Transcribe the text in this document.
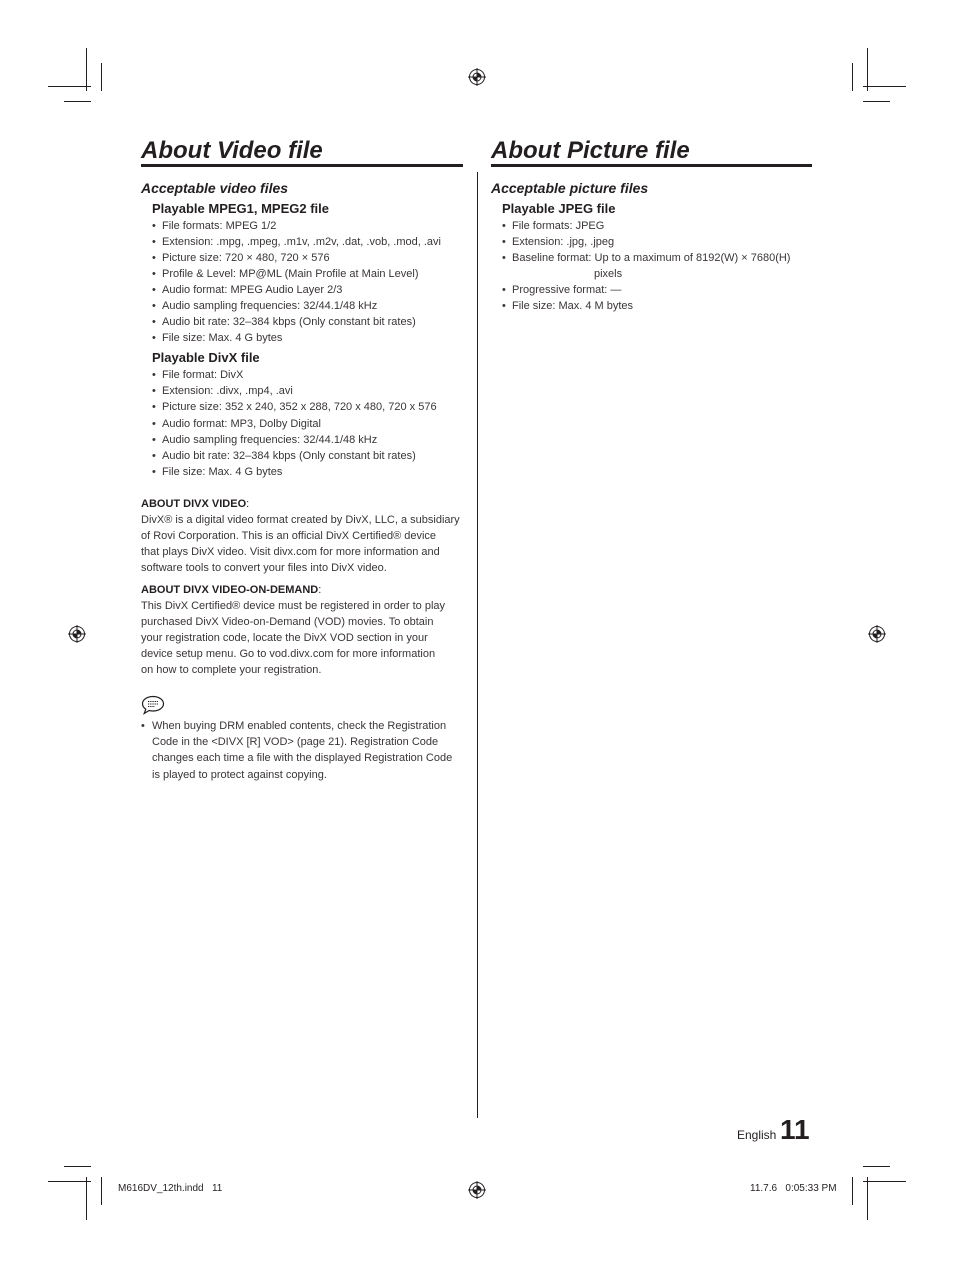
About Video file
Acceptable video files
Playable MPEG1, MPEG2 file
• File formats: MPEG 1/2
• Extension: .mpg, .mpeg, .m1v, .m2v, .dat, .vob, .mod, .avi
• Picture size: 720 × 480, 720 × 576
• Profile & Level: MP@ML (Main Profile at Main Level)
• Audio format: MPEG Audio Layer 2/3
• Audio sampling frequencies: 32/44.1/48 kHz
• Audio bit rate: 32–384 kbps (Only constant bit rates)
• File size: Max. 4 G bytes
Playable DivX file
• File format: DivX
• Extension: .divx, .mp4, .avi
• Picture size: 352 x 240, 352 x 288, 720 x 480, 720 x 576
• Audio format: MP3, Dolby Digital
• Audio sampling frequencies: 32/44.1/48 kHz
• Audio bit rate: 32–384 kbps (Only constant bit rates)
• File size: Max. 4 G bytes
ABOUT DIVX VIDEO:
DivX® is a digital video format created by DivX, LLC, a subsidiary
of Rovi Corporation. This is an official DivX Certified® device
that plays DivX video. Visit divx.com for more information and
software tools to convert your files into DivX video.
ABOUT DIVX VIDEO-ON-DEMAND:
This DivX Certified® device must be registered in order to play
purchased DivX Video-on-Demand (VOD) movies. To obtain
your registration code, locate the DivX VOD section in your
device setup menu. Go to vod.divx.com for more information
on how to complete your registration.
• When buying DRM enabled contents, check the Registration
Code in the <DIVX [R] VOD> (page 21). Registration Code
changes each time a file with the displayed Registration Code
is played to protect against copying.
About Picture file
Acceptable picture files
Playable JPEG file
• File formats: JPEG
• Extension: .jpg, .jpeg
• Baseline format: Up to a maximum of 8192(W) × 7680(H)
pixels
• Progressive format: —
• File size: Max. 4 M bytes
English 11
M616DV_12th.indd   11	11.7.6   0:05:33 PM
